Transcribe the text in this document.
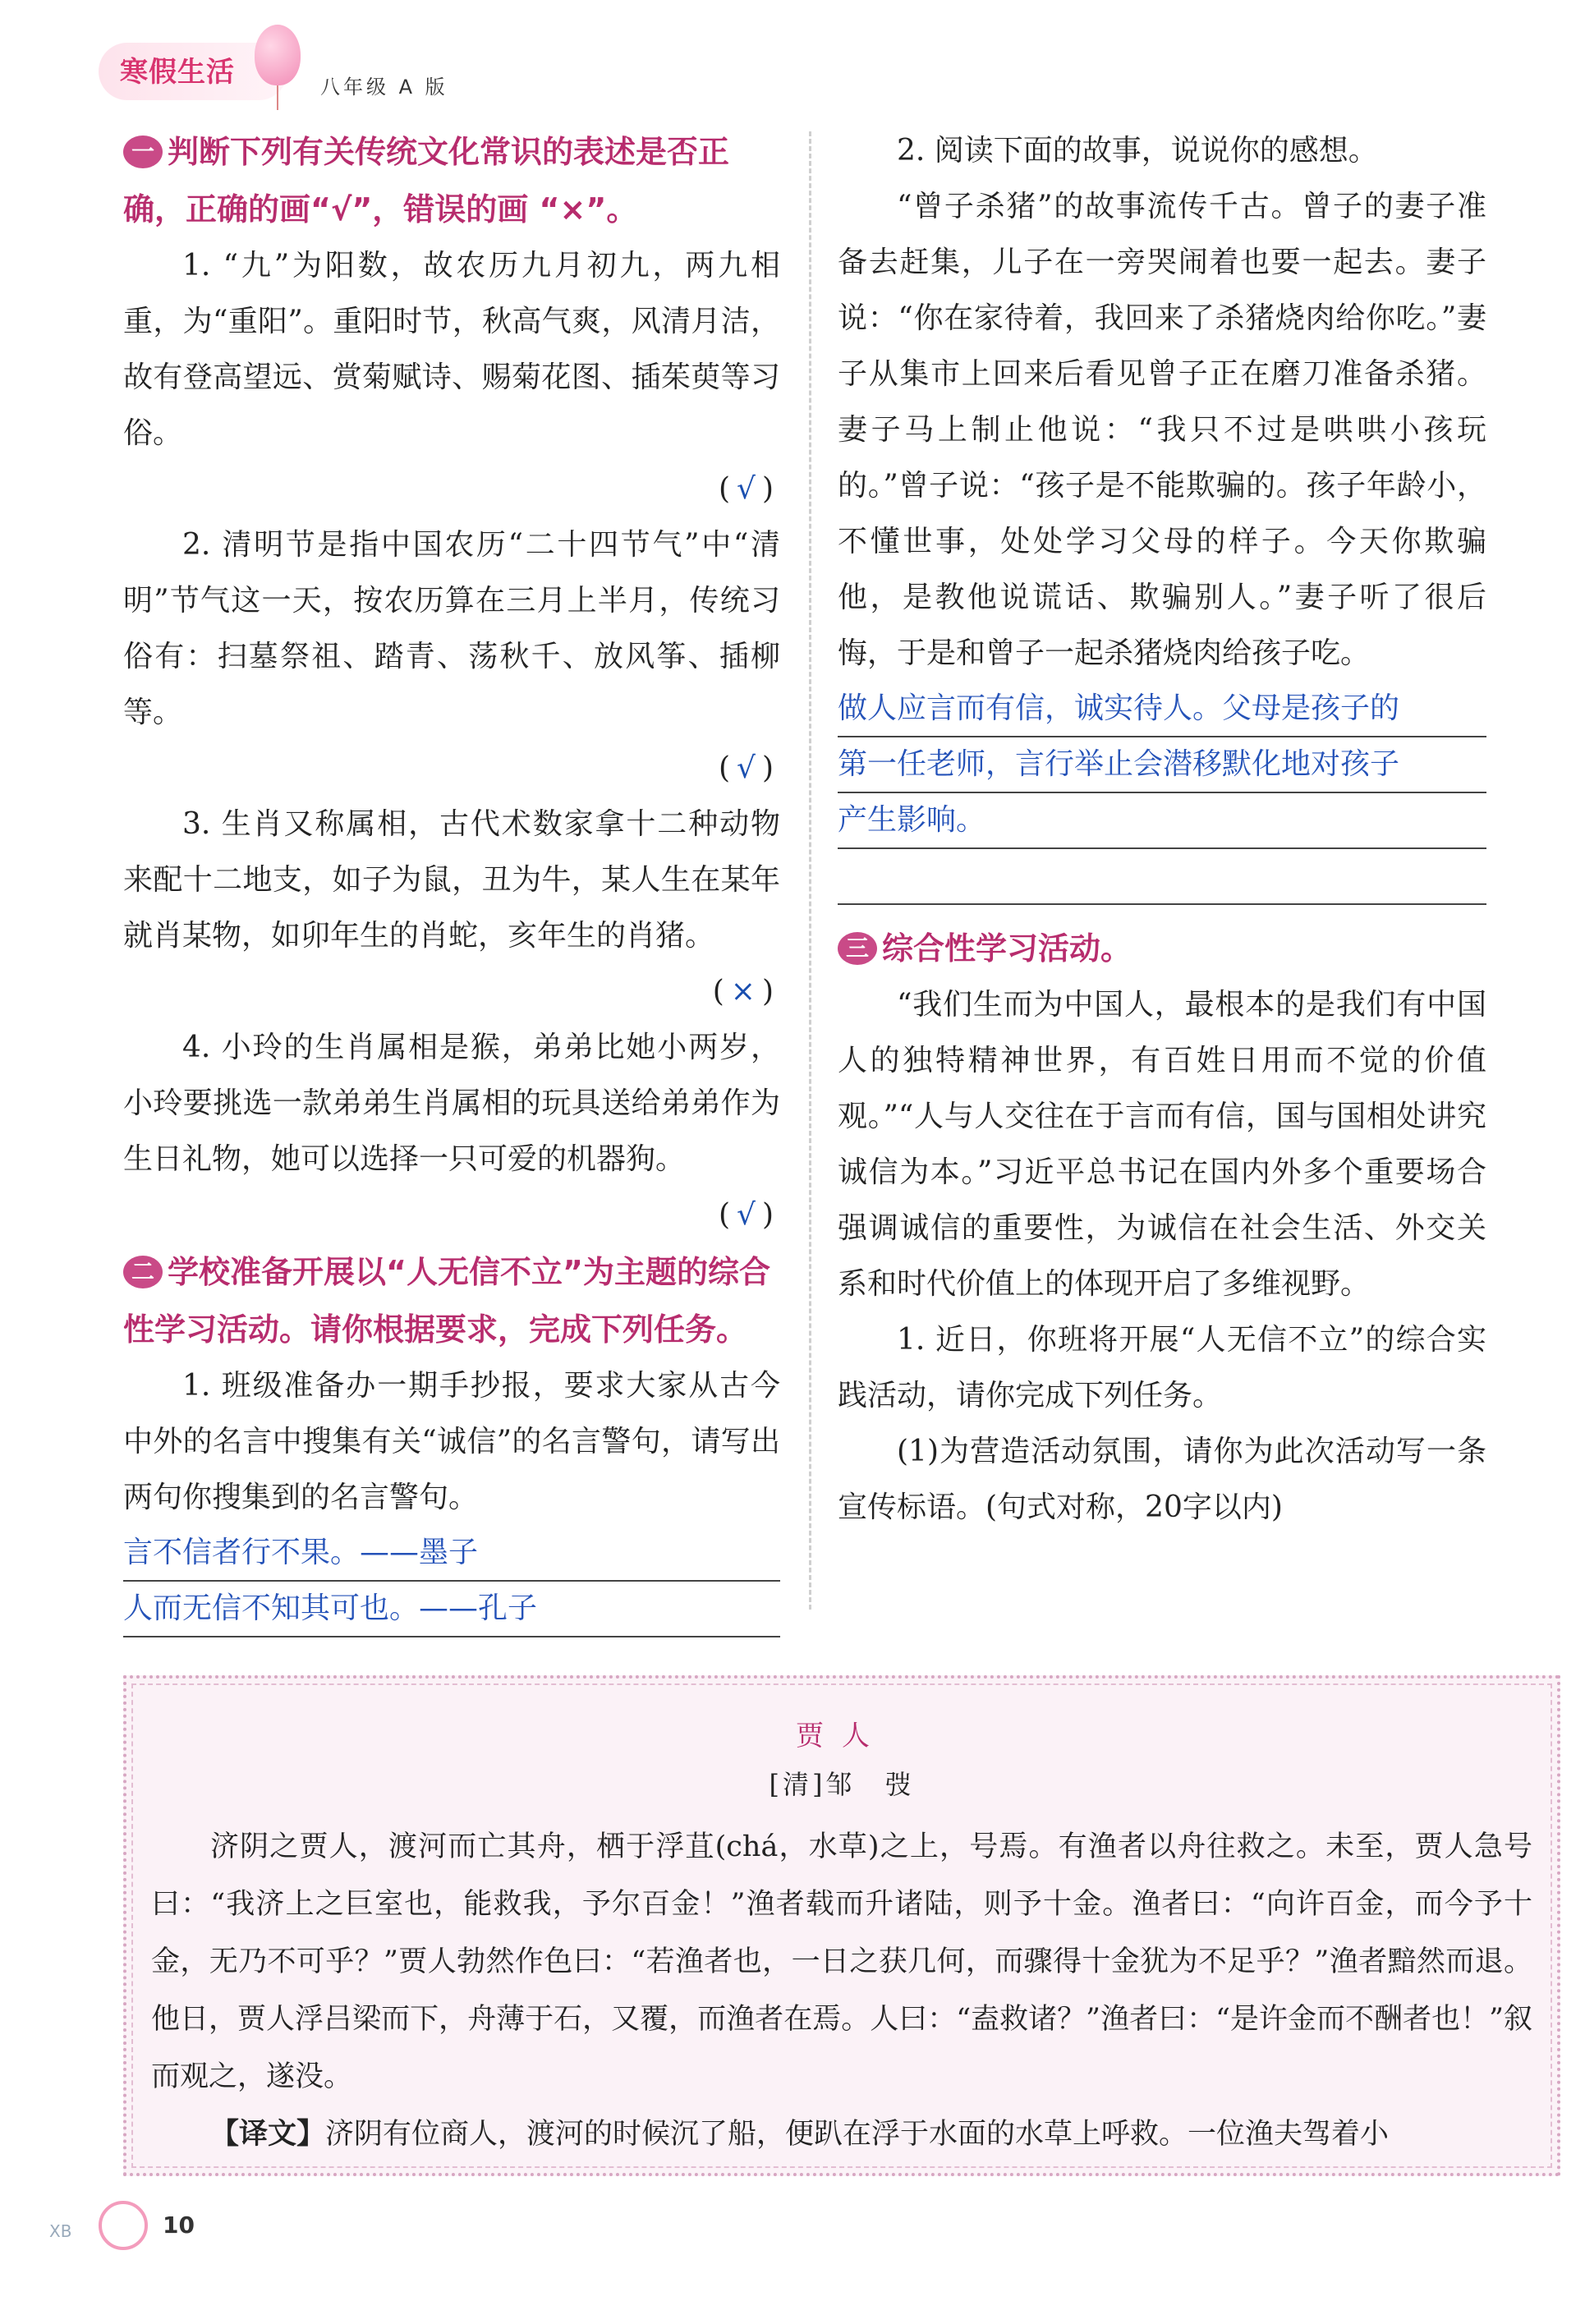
寒假生活	八年级 A 版
一 判断下列有关传统文化常识的表述是否正确，正确的画“√”，错误的画 “×”。
1. “九”为阳数，故农历九月初九，两九相重，为“重阳”。重阳时节，秋高气爽，风清月洁，故有登高望远、赏菊赋诗、赐菊花图、插茱萸等习俗。
(√)
2. 清明节是指中国农历“二十四节气”中“清明”节气这一天，按农历算在三月上半月，传统习俗有：扫墓祭祖、踏青、荡秋千、放风筝、插柳等。
(√)
3. 生肖又称属相，古代术数家拿十二种动物来配十二地支，如子为鼠，丑为牛，某人生在某年就肖某物，如卯年生的肖蛇，亥年生的肖猪。
(×)
4. 小玲的生肖属相是猴，弟弟比她小两岁，小玲要挑选一款弟弟生肖属相的玩具送给弟弟作为生日礼物，她可以选择一只可爱的机器狗。
(√)
二 学校准备开展以“人无信不立”为主题的综合性学习活动。请你根据要求，完成下列任务。
1. 班级准备办一期手抄报，要求大家从古今中外的名言中搜集有关“诚信”的名言警句，请写出两句你搜集到的名言警句。
言不信者行不果。——墨子
人而无信不知其可也。——孔子
2. 阅读下面的故事，说说你的感想。
“曾子杀猪”的故事流传千古。曾子的妻子准备去赶集，儿子在一旁哭闹着也要一起去。妻子说：“你在家待着，我回来了杀猪烧肉给你吃。”妻子从集市上回来后看见曾子正在磨刀准备杀猪。妻子马上制止他说：“我只不过是哄哄小孩玩的。”曾子说：“孩子是不能欺骗的。孩子年龄小，不懂世事，处处学习父母的样子。今天你欺骗他，是教他说谎话、欺骗别人。”妻子听了很后悔，于是和曾子一起杀猪烧肉给孩子吃。
做人应言而有信，诚实待人。父母是孩子的
第一任老师，言行举止会潜移默化地对孩子
产生影响。
三 综合性学习活动。
“我们生而为中国人，最根本的是我们有中国人的独特精神世界，有百姓日用而不觉的价值观。”“人与人交往在于言而有信，国与国相处讲究诚信为本。”习近平总书记在国内外多个重要场合强调诚信的重要性，为诚信在社会生活、外交关系和时代价值上的体现开启了多维视野。
1. 近日，你班将开展“人无信不立”的综合实践活动，请你完成下列任务。
(1)为营造活动氛围，请你为此次活动写一条宣传标语。(句式对称，20字以内)
贾人
[清]邹　弢
济阴之贾人，渡河而亡其舟，栖于浮苴(chá，水草)之上，号焉。有渔者以舟往救之。未至，贾人急号曰：“我济上之巨室也，能救我，予尔百金！”渔者载而升诸陆，则予十金。渔者曰：“向许百金，而今予十金，无乃不可乎？”贾人勃然作色曰：“若渔者也，一日之获几何，而骤得十金犹为不足乎？”渔者黯然而退。他日，贾人浮吕梁而下，舟薄于石，又覆，而渔者在焉。人曰：“盍救诸？”渔者曰：“是许金而不酬者也！”叙而观之，遂没。
【译文】济阴有位商人，渡河的时候沉了船，便趴在浮于水面的水草上呼救。一位渔夫驾着小
XB	10
